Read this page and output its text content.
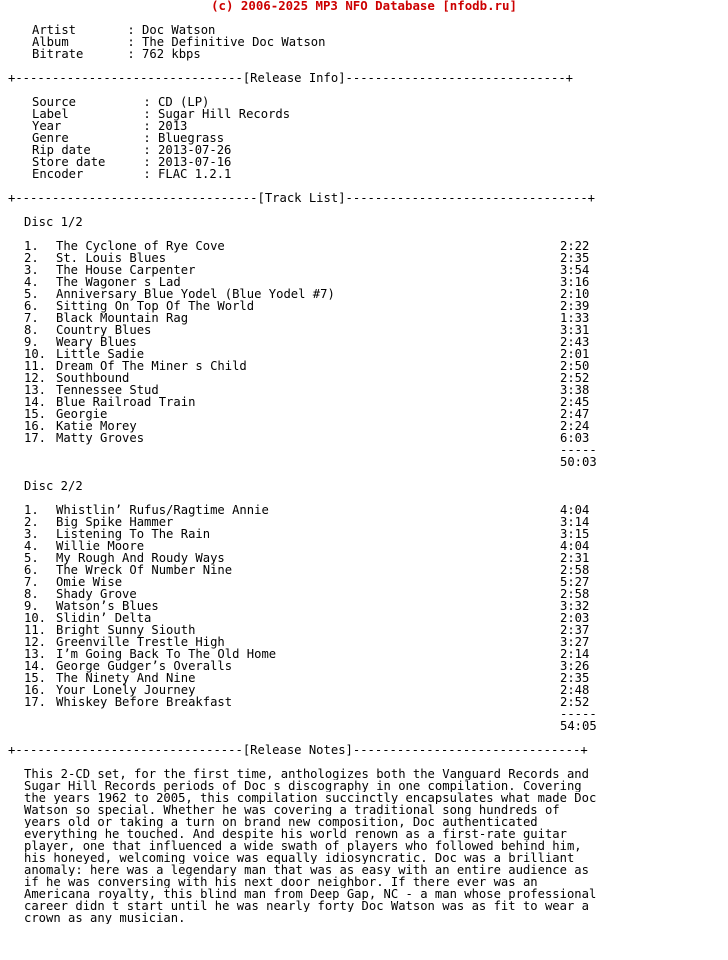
(c) 2006-2025 MP3 NFO Database [nfodb.ru]
Artist	: Doc Watson
Album	: The Definitive Doc Watson
Bitrate	: 762 kbps
+------------------------------- [Release Info] ------------------------------+
Source	: CD (LP)
Label	: Sugar Hill Records
Year	: 2013
Genre	: Bluegrass
Rip date	: 2013-07-26
Store date	: 2013-07-16
Encoder	: FLAC 1.2.1
+--------------------------------- [Track List] ---------------------------------+
Disc 1/2
1.	The Cyclone of Rye Cove	2:22
2.	St. Louis Blues	2:35
3.	The House Carpenter	3:54
4.	The Wagoner s Lad	3:16
5.	Anniversary Blue Yodel (Blue Yodel #7)	2:10
6.	Sitting On Top Of The World	2:39
7.	Black Mountain Rag	1:33
8.	Country Blues	3:31
9.	Weary Blues	2:43
10. Little Sadie	2:01
11. Dream Of The Miner s Child	2:50
12. Southbound	2:52
13. Tennessee Stud	3:38
14. Blue Railroad Train	2:45
15. Georgie	2:47
16. Katie Morey	2:24
17. Matty Groves	6:03
-----
50:03
Disc 2/2
1.	Whistlin’ Rufus/Ragtime Annie	4:04
2.	Big Spike Hammer	3:14
3.	Listening To The Rain	3:15
4.	Willie Moore	4:04
5.	My Rough And Roudy Ways	2:31
6.	The Wreck Of Number Nine	2:58
7.	Omie Wise	5:27
8.	Shady Grove	2:58
9.	Watson’s Blues	3:32
10. Slidin’ Delta	2:03
11. Bright Sunny Siouth	2:37
12. Greenville Trestle High	3:27
13. I’m Going Back To The Old Home	2:14
14. George Gudger’s Overalls	3:26
15. The Ninety And Nine	2:35
16. Your Lonely Journey	2:48
17. Whiskey Before Breakfast	2:52
-----
54:05
+------------------------------- [Release Notes] -------------------------------+
This 2-CD set, for the first time, anthologizes both the Vanguard Records and
Sugar Hill Records periods of Doc s discography in one compilation. Covering
the years 1962 to 2005, this compilation succinctly encapsulates what made Doc
Watson so special. Whether he was covering a traditional song hundreds of
years old or taking a turn on brand new composition, Doc authenticated
everything he touched. And despite his world renown as a first-rate guitar
player, one that influenced a wide swath of players who followed behind him,
his honeyed, welcoming voice was equally idiosyncratic. Doc was a brilliant
anomaly: here was a legendary man that was as easy with an entire audience as
if he was conversing with his next door neighbor. If there ever was an
Americana royalty, this blind man from Deep Gap, NC - a man whose professional
career didn t start until he was nearly forty Doc Watson was as fit to wear a
crown as any musician.
